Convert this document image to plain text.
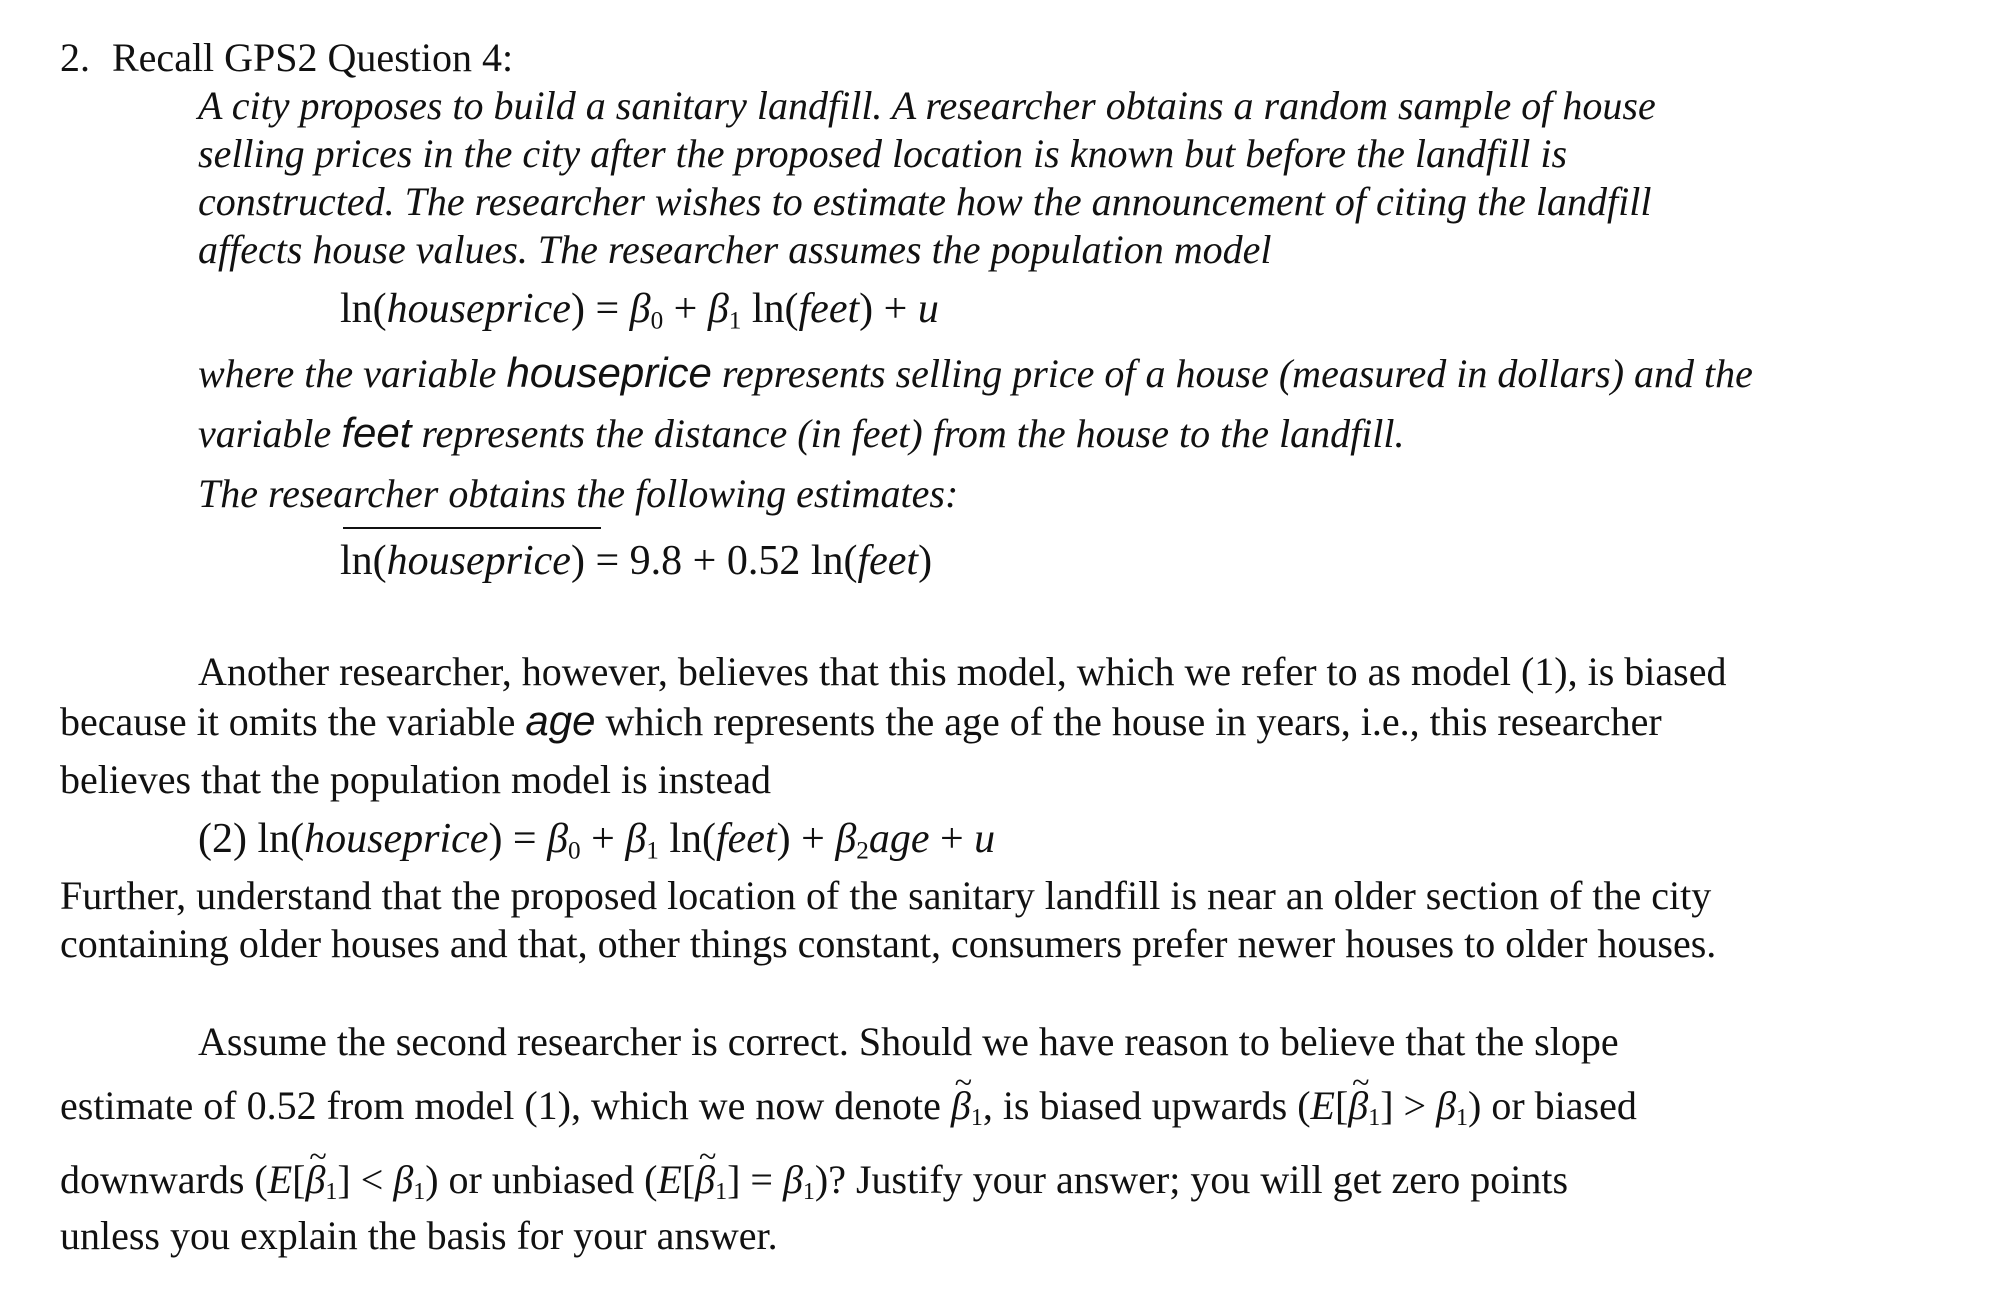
2. Recall GPS2 Question 4:
A city proposes to build a sanitary landfill. A researcher obtains a random sample of house
selling prices in the city after the proposed location is known but before the landfill is
constructed. The researcher wishes to estimate how the announcement of citing the landfill
affects house values. The researcher assumes the population model
ln(houseprice) = $\beta_0 + \beta_1$ ln(feet) + u
where the variable houseprice represents selling price of a house (measured in dollars) and the
variable feet represents the distance (in feet) from the house to the landfill.
The researcher obtains the following estimates:
ln(houseprice) = 9.8 + 0.52 ln(feet)
Another researcher, however, believes that this model, which we refer to as model (1), is biased
because it omits the variable age which represents the age of the house in years, i.e., this researcher
believes that the population model is instead
(2) ln(houseprice) = $\beta_0 + \beta_1$ ln(feet) + $\beta_2age + u$
Further, understand that the proposed location of the sanitary landfill is near an older section of the city
containing older houses and that, other things constant, consumers prefer newer houses to older houses.
Assume the second researcher is correct. Should we have reason to believe that the slope
estimate of 0.52 from model (1), which we now denote ~ $\beta_1$, is biased upwards (E[~ $\beta_1] > \beta_1$) or biased
downwards (E[~ $\beta_1] < \beta_1$) or unbiased (E[~ $\beta_1] = \beta_1$)? Justify your answer; you will get zero points
unless you explain the basis for your answer.
